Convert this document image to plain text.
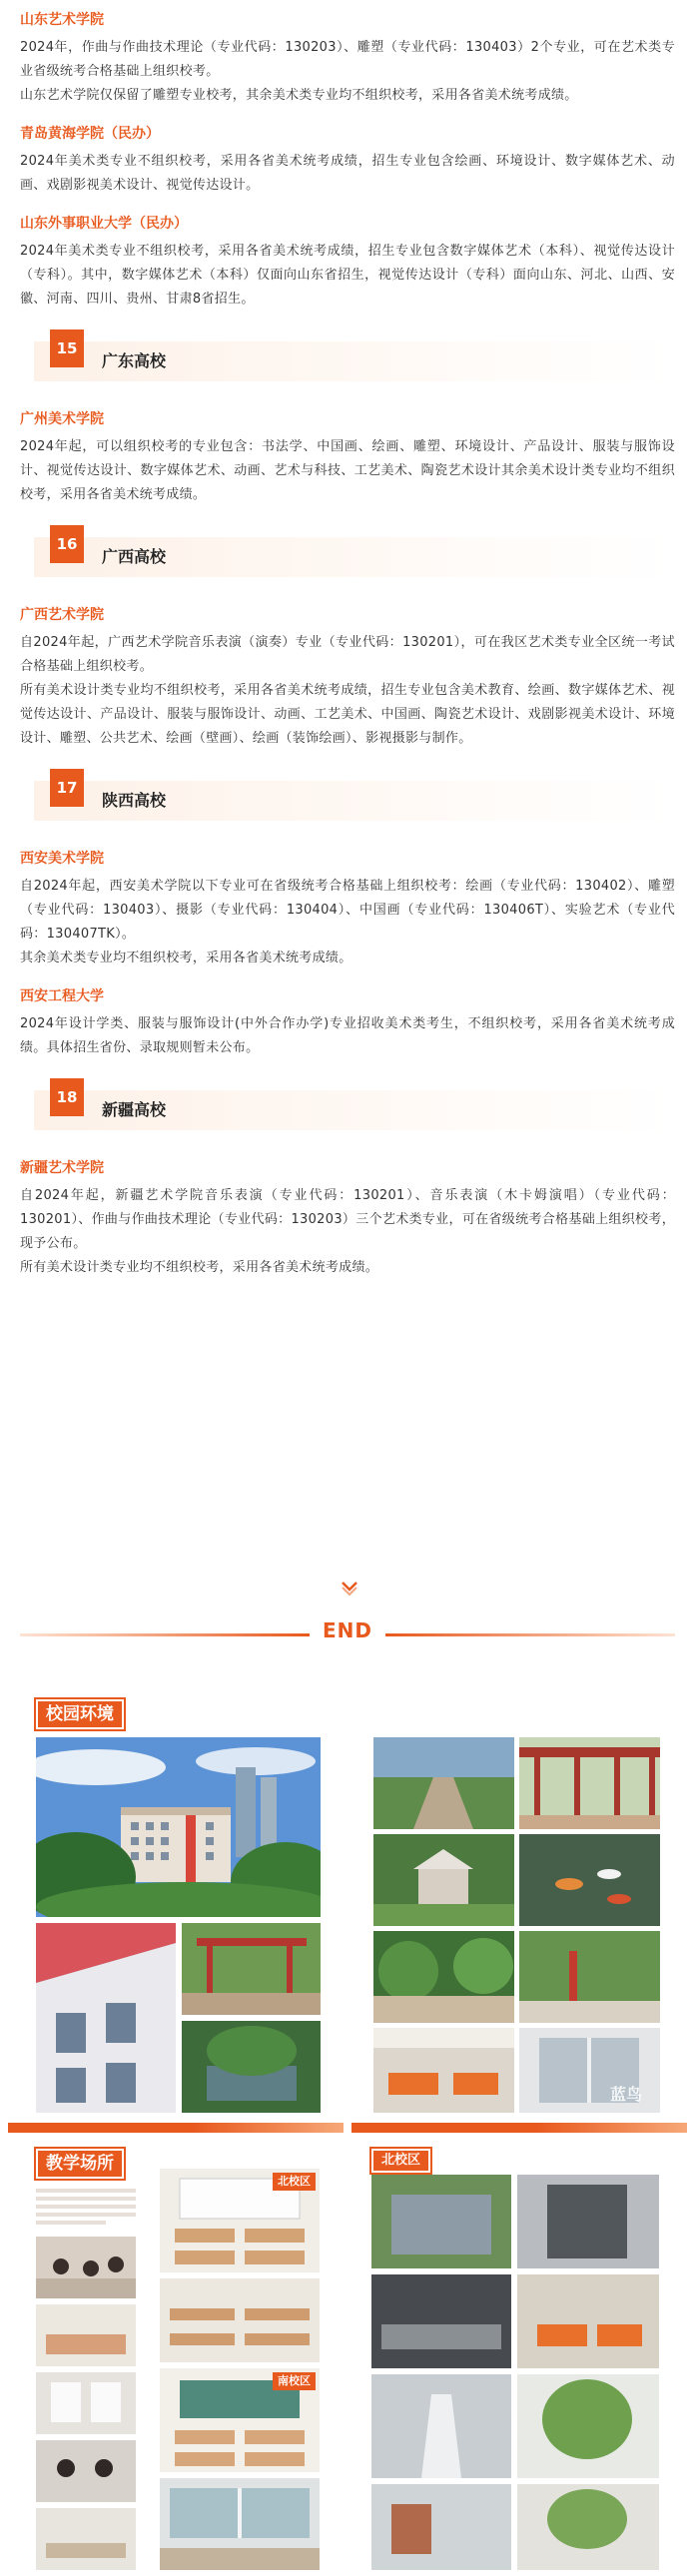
山东艺术学院
2024年，作曲与作曲技术理论（专业代码：130203）、雕塑（专业代码：130403）2个专业，可在艺术类专业省级统考合格基础上组织校考。
山东艺术学院仅保留了雕塑专业校考，其余美术类专业均不组织校考，采用各省美术统考成绩。
青岛黄海学院（民办）
2024年美术类专业不组织校考，采用各省美术统考成绩，招生专业包含绘画、环境设计、数字媒体艺术、动画、戏剧影视美术设计、视觉传达设计。
山东外事职业大学（民办）
2024年美术类专业不组织校考，采用各省美术统考成绩，招生专业包含数字媒体艺术（本科）、视觉传达设计（专科）。其中，数字媒体艺术（本科）仅面向山东省招生，视觉传达设计（专科）面向山东、河北、山西、安徽、河南、四川、贵州、甘肃8省招生。
15
广东高校
广州美术学院
2024年起，可以组织校考的专业包含：书法学、中国画、绘画、雕塑、环境设计、产品设计、服装与服饰设计、视觉传达设计、数字媒体艺术、动画、艺术与科技、工艺美术、陶瓷艺术设计其余美术设计类专业均不组织校考，采用各省美术统考成绩。
16
广西高校
广西艺术学院
自2024年起，广西艺术学院音乐表演（演奏）专业（专业代码：130201），可在我区艺术类专业全区统一考试合格基础上组织校考。
所有美术设计类专业均不组织校考，采用各省美术统考成绩，招生专业包含美术教育、绘画、数字媒体艺术、视觉传达设计、产品设计、服装与服饰设计、动画、工艺美术、中国画、陶瓷艺术设计、戏剧影视美术设计、环境设计、雕塑、公共艺术、绘画（壁画）、绘画（装饰绘画）、影视摄影与制作。
17
陕西高校
西安美术学院
自2024年起，西安美术学院以下专业可在省级统考合格基础上组织校考：绘画（专业代码：130402）、雕塑（专业代码：130403）、摄影（专业代码：130404）、中国画（专业代码：130406T）、实验艺术（专业代码：130407TK）。
其余美术类专业均不组织校考，采用各省美术统考成绩。
西安工程大学
2024年设计学类、服装与服饰设计(中外合作办学)专业招收美术类考生，不组织校考，采用各省美术统考成绩。具体招生省份、录取规则暂未公布。
18
新疆高校
新疆艺术学院
自2024年起，新疆艺术学院音乐表演（专业代码：130201）、音乐表演（木卡姆演唱）（专业代码：130201）、作曲与作曲技术理论（专业代码：130203）三个艺术类专业，可在省级统考合格基础上组织校考，现予公布。
所有美术设计类专业均不组织校考，采用各省美术统考成绩。
END
校园环境
蓝鸟
教学场所
北校区
南校区
北校区
